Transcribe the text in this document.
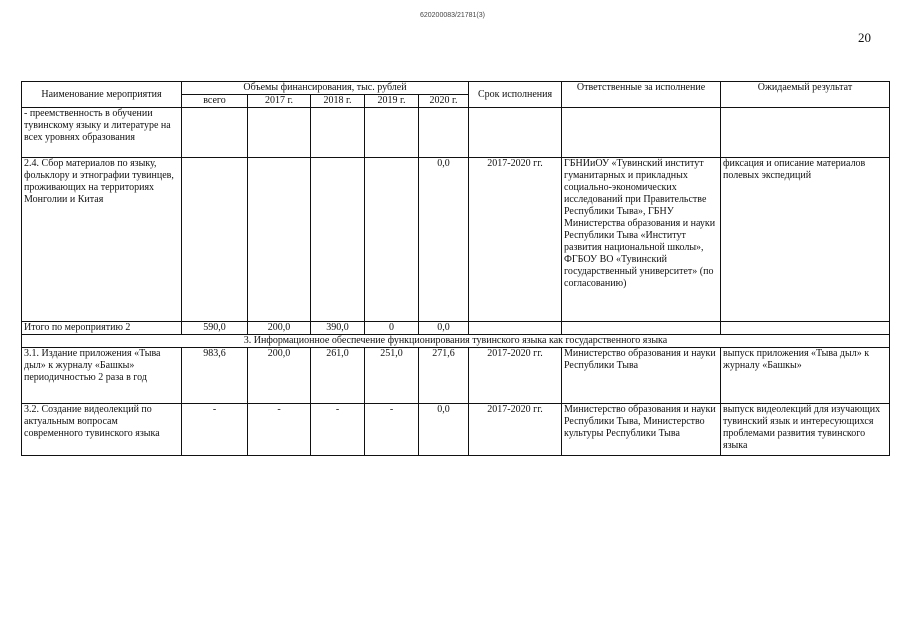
620200083/21781(3)
20
Наименование мероприятия	Объемы финансирования, тыс. рублей					Срок исполнения	Ответственные за исполнение	Ожидаемый результат
	всего	2017 г.	2018 г.	2019 г.	2020 г.			
- преемственность в обучении тувинскому языку и литературе на всех уровнях образования								
2.4. Сбор материалов по языку, фольклору и этнографии тувинцев, проживающих на территориях Монголии и Китая					0,0	2017-2020 гг.	ГБНИиОУ «Тувинский институт гуманитарных и прикладных социально-экономических исследований при Правительстве Республики Тыва», ГБНУ Министерства образования и науки Республики Тыва «Институт развития национальной школы», ФГБОУ ВО «Тувинский государственный университет» (по согласованию)	фиксация и описание материалов полевых экспедиций
Итого по мероприятию 2	590,0	200,0	390,0	0	0,0			
3. Информационное обеспечение функционирования тувинского языка как государственного языка								
3.1. Издание приложения «Тыва дыл» к журналу «Башкы» периодичностью 2 раза в год	983,6	200,0	261,0	251,0	271,6	2017-2020 гг.	Министерство образования и науки Республики Тыва	выпуск приложения «Тыва дыл» к журналу «Башкы»
3.2. Создание видеолекций по актуальным вопросам современного тувинского языка	-	-	-	-	0,0	2017-2020 гг.	Министерство образования и науки Республики Тыва, Министерство культуры Республики Тыва	выпуск видеолекций для изучающих тувинский язык и интересующихся проблемами развития тувинского языка
